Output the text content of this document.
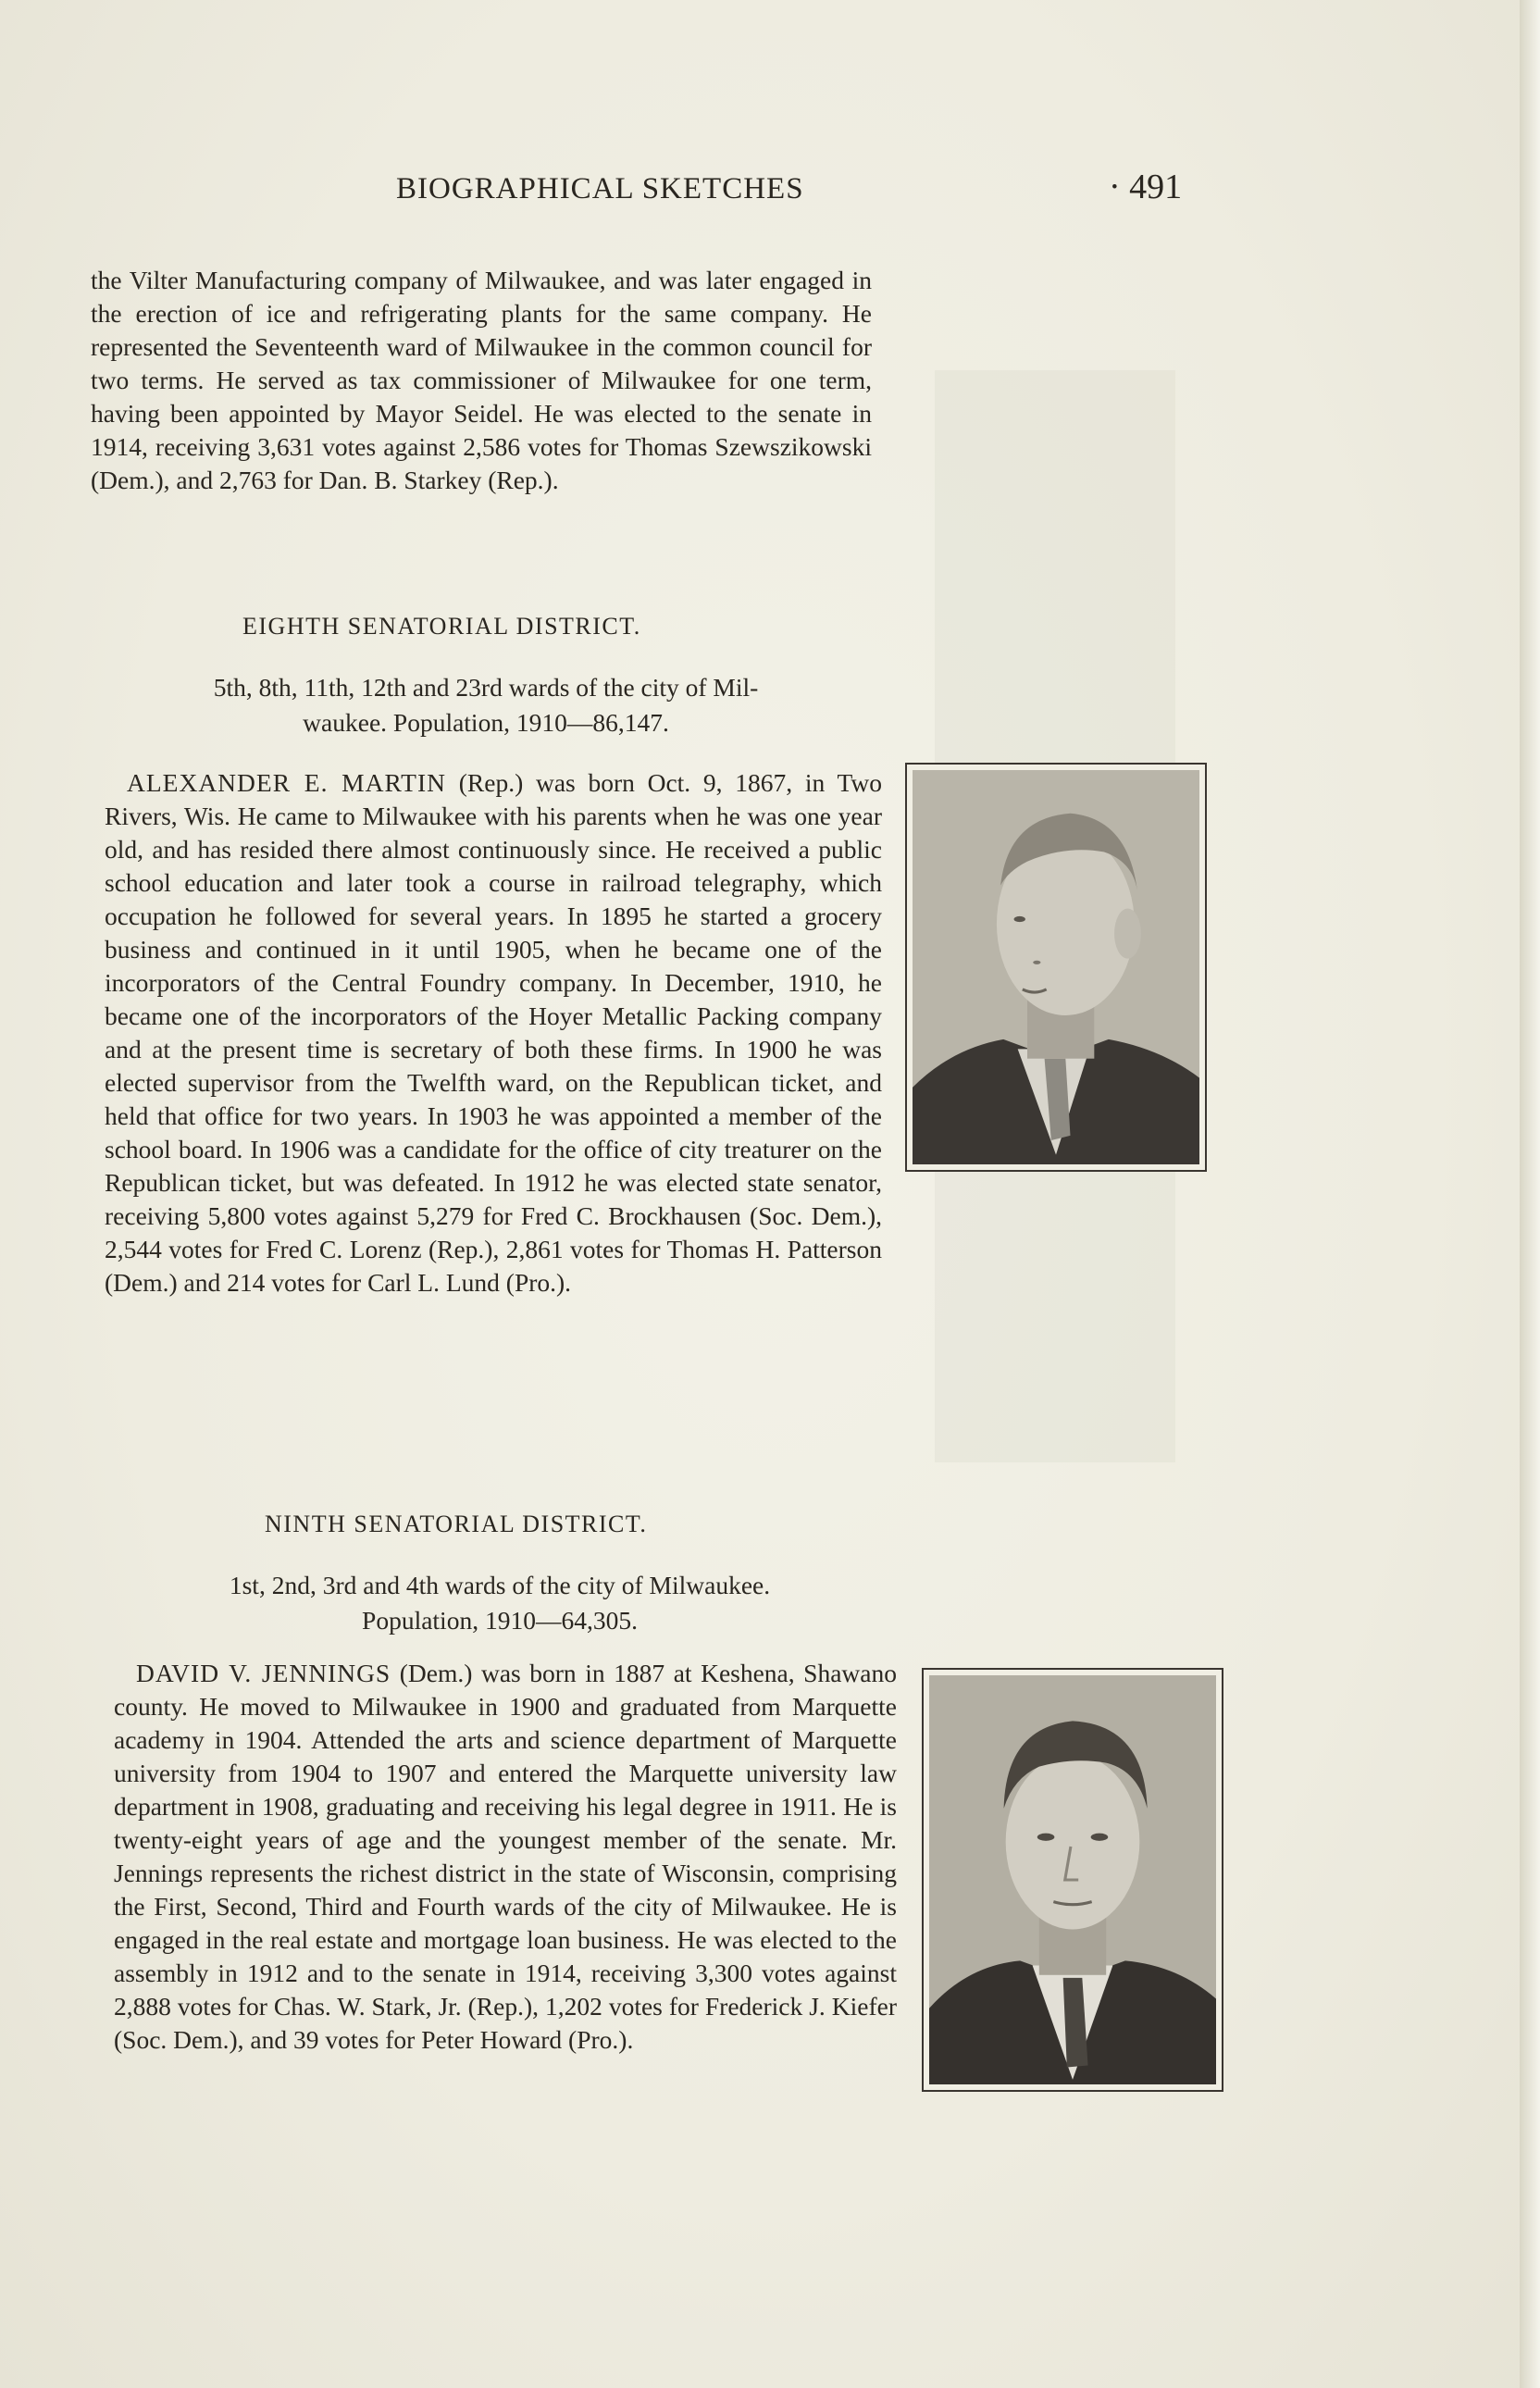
BIOGRAPHICAL SKETCHES	· 491
the Vilter Manufacturing company of Milwaukee, and was later engaged in the erection of ice and refrigerating plants for the same company. He represented the Seventeenth ward of Milwaukee in the common council for two terms. He served as tax commissioner of Milwaukee for one term, having been appointed by Mayor Seidel. He was elected to the senate in 1914, receiving 3,631 votes against 2,586 votes for Thomas Szewszikowski (Dem.), and 2,763 for Dan. B. Starkey (Rep.).
EIGHTH SENATORIAL DISTRICT.
5th, 8th, 11th, 12th and 23rd wards of the city of Mil-
waukee. Population, 1910—86,147.
ALEXANDER E. MARTIN (Rep.) was born Oct. 9, 1867, in Two Rivers, Wis. He came to Milwaukee with his parents when he was one year old, and has resided there almost continuously since. He received a public school education and later took a course in railroad telegraphy, which occupation he followed for several years. In 1895 he started a grocery business and continued in it until 1905, when he became one of the incorporators of the Central Foundry company. In December, 1910, he became one of the incorporators of the Hoyer Metallic Packing company and at the present time is secretary of both these firms. In 1900 he was elected supervisor from the Twelfth ward, on the Republican ticket, and held that office for two years. In 1903 he was appointed a member of the school board. In 1906 was a candidate for the office of city treaturer on the Republican ticket, but was defeated. In 1912 he was elected state senator, receiving 5,800 votes against 5,279 for Fred C. Brockhausen (Soc. Dem.), 2,544 votes for Fred C. Lorenz (Rep.), 2,861 votes for Thomas H. Patterson (Dem.) and 214 votes for Carl L. Lund (Pro.).
NINTH SENATORIAL DISTRICT.
1st, 2nd, 3rd and 4th wards of the city of Milwaukee.
Population, 1910—64,305.
DAVID V. JENNINGS (Dem.) was born in 1887 at Keshena, Shawano county. He moved to Milwaukee in 1900 and graduated from Marquette academy in 1904. Attended the arts and science department of Marquette university from 1904 to 1907 and entered the Marquette university law department in 1908, graduating and receiving his legal degree in 1911. He is twenty-eight years of age and the youngest member of the senate. Mr. Jennings represents the richest district in the state of Wisconsin, comprising the First, Second, Third and Fourth wards of the city of Milwaukee. He is engaged in the real estate and mortgage loan business. He was elected to the assembly in 1912 and to the senate in 1914, receiving 3,300 votes against 2,888 votes for Chas. W. Stark, Jr. (Rep.), 1,202 votes for Frederick J. Kiefer (Soc. Dem.), and 39 votes for Peter Howard (Pro.).
